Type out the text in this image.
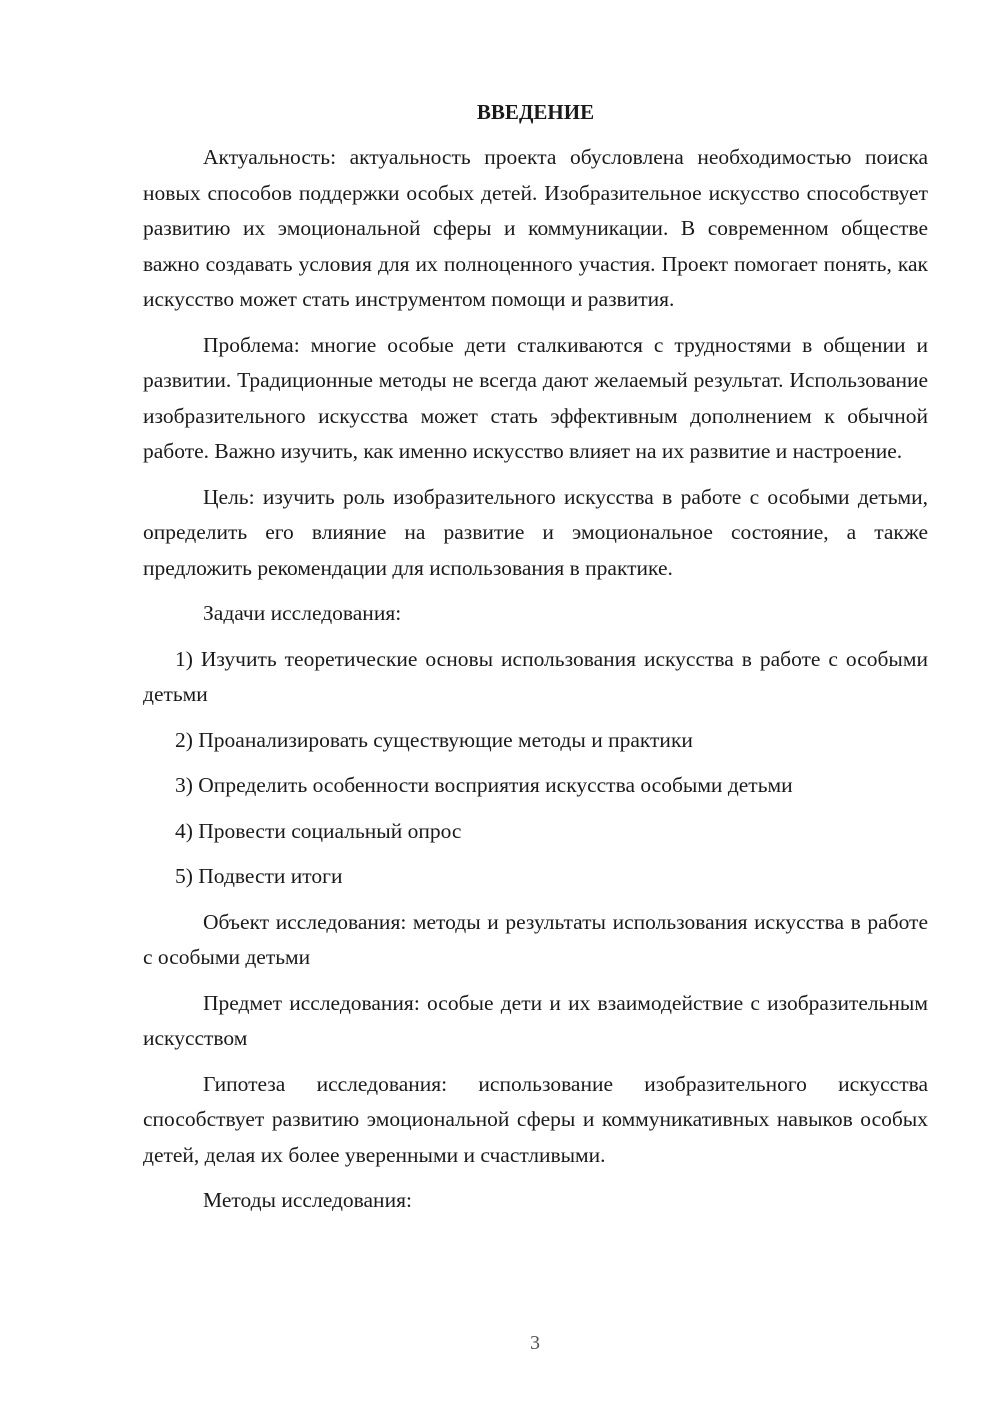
ВВЕДЕНИЕ

Актуальность: актуальность проекта обусловлена необходимостью поиска новых способов поддержки особых детей. Изобразительное искусство способствует развитию их эмоциональной сферы и коммуникации. В современном обществе важно создавать условия для их полноценного участия. Проект помогает понять, как искусство может стать инструментом помощи и развития.

Проблема: многие особые дети сталкиваются с трудностями в общении и развитии. Традиционные методы не всегда дают желаемый результат. Использование изобразительного искусства может стать эффективным дополнением к обычной работе. Важно изучить, как именно искусство влияет на их развитие и настроение.

Цель: изучить роль изобразительного искусства в работе с особыми детьми, определить его влияние на развитие и эмоциональное состояние, а также предложить рекомендации для использования в практике.

Задачи исследования:

1) Изучить теоретические основы использования искусства в работе с особыми детьми

2) Проанализировать существующие методы и практики

3) Определить особенности восприятия искусства особыми детьми

4) Провести социальный опрос

5) Подвести итоги

Объект исследования: методы и результаты использования искусства в работе с особыми детьми

Предмет исследования: особые дети и их взаимодействие с изобразительным искусством

Гипотеза исследования: использование изобразительного искусства способствует развитию эмоциональной сферы и коммуникативных навыков особых детей, делая их более уверенными и счастливыми.

Методы исследования:

3
